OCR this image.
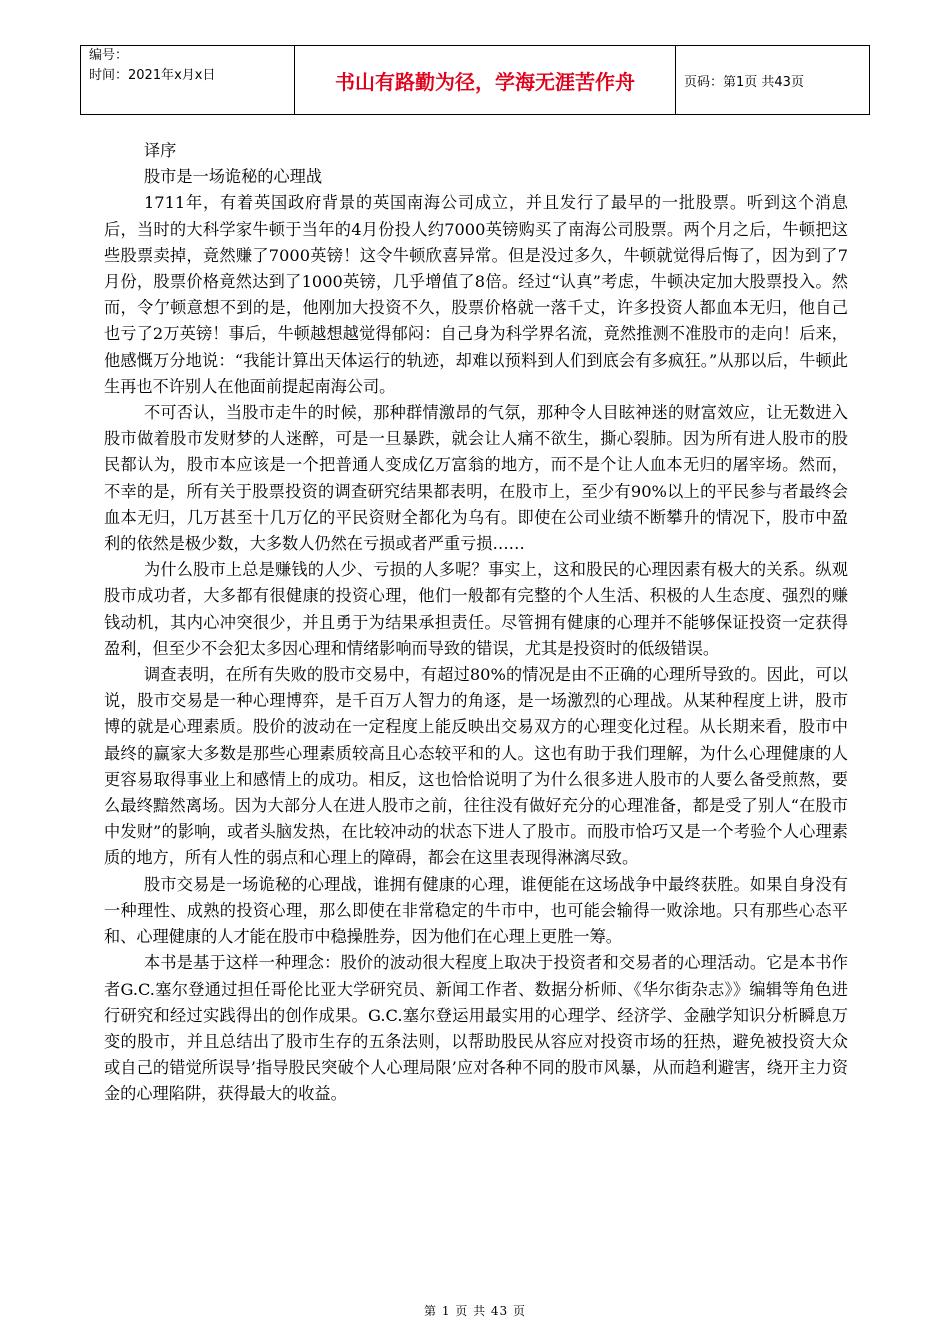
编号：
时间：2021年x月x日	书山有路勤为径，学海无涯苦作舟	页码：第1页 共43页

译序

股市是一场诡秘的心理战

1711年，有着英国政府背景的英国南海公司成立，并且发行了最早的一批股票。听到这个消息后，当时的大科学家牛顿于当年的4月份投人约7000英镑购买了南海公司股票。两个月之后，牛顿把这些股票卖掉，竟然赚了7000英镑！这令牛顿欣喜异常。但是没过多久，牛顿就觉得后悔了，因为到了7月份，股票价格竟然达到了1000英镑，几乎增值了8倍。经过“认真”考虑，牛顿决定加大股票投入。然而，令亇顿意想不到的是，他刚加大投资不久，股票价格就一落千丈，许多投资人都血本无归，他自己也亏了2万英镑！事后，牛顿越想越觉得郁闷：自己身为科学界名流，竟然推测不准股市的走向！后来，他感慨万分地说：“我能计算出天体运行的轨迹，却难以预料到人们到底会有多疯狂。”从那以后，牛顿此生再也不许别人在他面前提起南海公司。

不可否认，当股市走牛的时候，那种群情激昂的气氛，那种令人目眩神迷的财富效应，让无数进入股市做着股市发财梦的人迷醉，可是一旦暴跌，就会让人痛不欲生，撕心裂肺。因为所有进人股市的股民都认为，股市本应该是一个把普通人变成亿万富翁的地方，而不是个让人血本无归的屠宰场。然而，不幸的是，所有关于股票投资的调查研究结果都表明，在股市上，至少有90%以上的平民参与者最终会血本无归，几万甚至十几万亿的平民资财全都化为乌有。即使在公司业绩不断攀升的情况下，股市中盈利的依然是极少数，大多数人仍然在亏损或者严重亏损……

为什么股市上总是赚钱的人少、亏损的人多呢？事实上，这和股民的心理因素有极大的关系。纵观股市成功者，大多都有很健康的投资心理，他们一般都有完整的个人生活、积极的人生态度、强烈的赚钱动机，其内心冲突很少，并且勇于为结果承担责任。尽管拥有健康的心理并不能够保证投资一定获得盈利，但至少不会犯太多因心理和情绪影响而导致的错误，尤其是投资时的低级错误。

调查表明，在所有失败的股市交易中，有超过80%的情况是由不正确的心理所导致的。因此，可以说，股市交易是一种心理博弈，是千百万人智力的角逐，是一场激烈的心理战。从某种程度上讲，股市博的就是心理素质。股价的波动在一定程度上能反映出交易双方的心理变化过程。从长期来看，股市中最终的赢家大多数是那些心理素质较高且心态较平和的人。这也有助于我们理解，为什么心理健康的人更容易取得事业上和感情上的成功。相反，这也恰恰说明了为什么很多进人股市的人要么备受煎熬，要么最终黯然离场。因为大部分人在进人股市之前，往往没有做好充分的心理准备，都是受了别人“在股市中发财”的影响，或者头脑发热，在比较冲动的状态下进人了股市。而股市恰巧又是一个考验个人心理素质的地方，所有人性的弱点和心理上的障碍，都会在这里表现得淋漓尽致。

股市交易是一场诡秘的心理战，谁拥有健康的心理，谁便能在这场战争中最终获胜。如果自身没有一种理性、成熟的投资心理，那么即使在非常稳定的牛市中，也可能会输得一败涂地。只有那些心态平和、心理健康的人才能在股市中稳操胜券，因为他们在心理上更胜一筹。

本书是基于这样一种理念：股价的波动很大程度上取决于投资者和交易者的心理活动。它是本书作者G.C.塞尔登通过担任哥伦比亚大学研究员、新闻工作者、数据分析师、《华尔街杂志》》编辑等角色进行研究和经过实践得出的创作成果。G.C.塞尔登运用最实用的心理学、经济学、金融学知识分析瞬息万变的股市，并且总结出了股市生存的五条法则，以帮助股民从容应对投资市场的狂热，避免被投资大众或自己的错觉所误导’指导股民突破个人心理局限’应对各种不同的股市风暴，从而趋利避害，绕开主力资金的心理陷阱，获得最大的收益。

第 1 页 共 43 页
